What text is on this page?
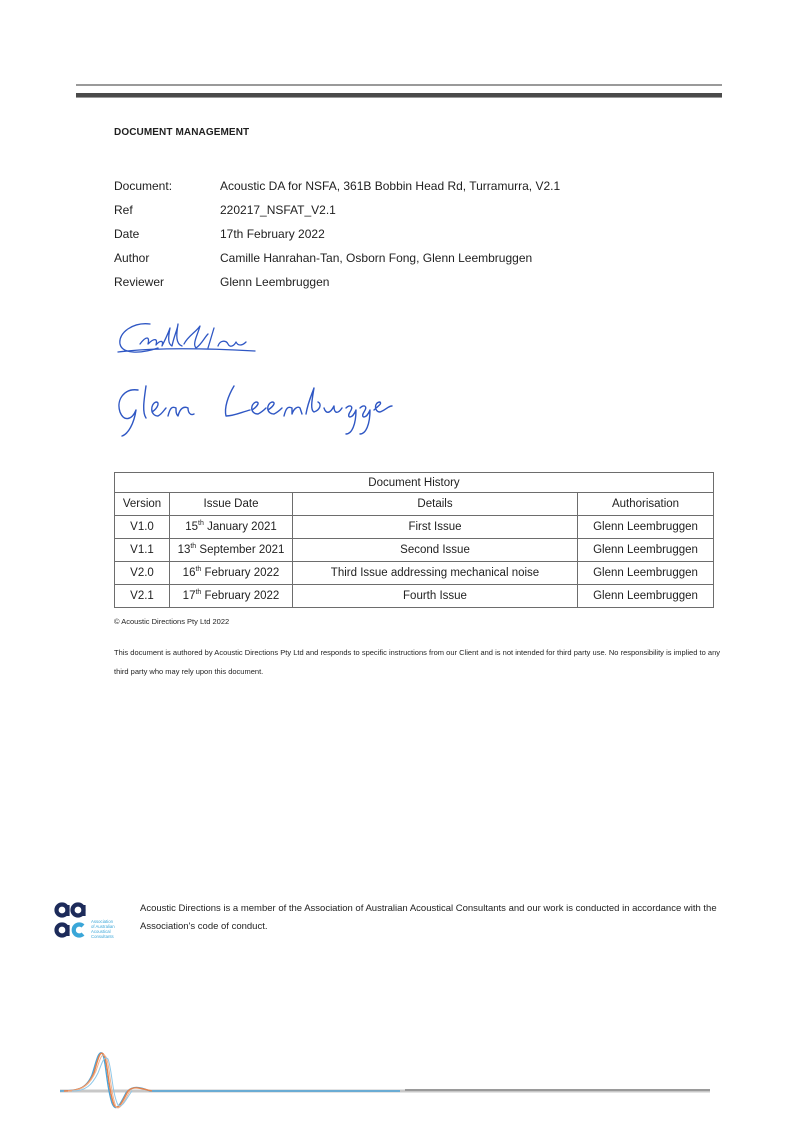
DOCUMENT MANAGEMENT
Document:	Acoustic DA for NSFA, 361B Bobbin Head Rd, Turramurra, V2.1
Ref	220217_NSFAT_V2.1
Date	17th February 2022
Author	Camille Hanrahan-Tan, Osborn Fong, Glenn Leembruggen
Reviewer	Glenn Leembruggen
Document History			
Version	Issue Date	Details	Authorisation
V1.0	15th January 2021	First Issue	Glenn Leembruggen
V1.1	13th September 2021	Second Issue	Glenn Leembruggen
V2.0	16th February 2022	Third Issue addressing mechanical noise	Glenn Leembruggen
V2.1	17th February 2022	Fourth Issue	Glenn Leembruggen
© Acoustic Directions Pty Ltd 2022
This document is authored by Acoustic Directions Pty Ltd and responds to specific instructions from our Client and is not intended for third party use. No responsibility is implied to any third party who may rely upon this document.
Association
of Australian
Acoustical
Consultants
Acoustic Directions is a member of the Association of Australian Acoustical Consultants and our work is conducted in accordance with the Association's code of conduct.
